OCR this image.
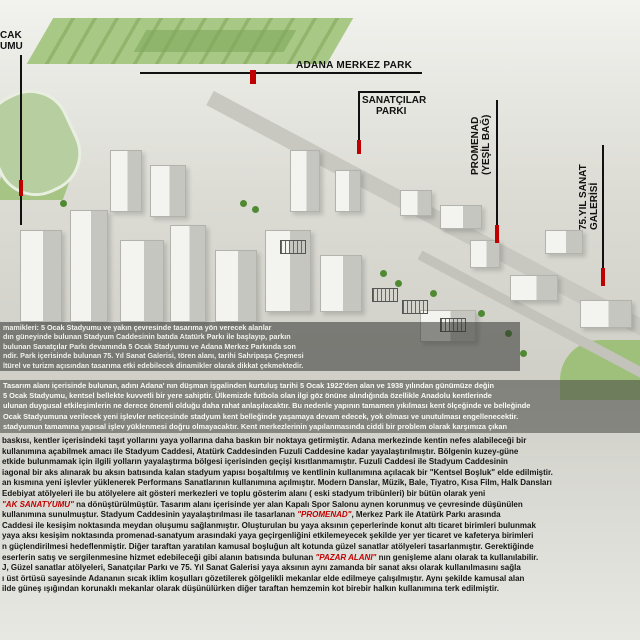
ADANA MERKEZ PARK
SANATÇILAR
PARKI
PROMENAD
(YEŞİL BAĞ)
75.YIL SANAT
GALERİSİ
CAK
UMU

mamikleri: 5 Ocak Stadyumu ve yakın çevresinde tasarıma yön verecek alanlar

dın güneyinde bulunan Stadyum Caddesinin batıda Atatürk Parkı ile başlayıp, parkın

bulunan Sanatçılar Parkı devamında 5 Ocak Stadyumu ve Adana Merkez Parkında son

ndir. Park içerisinde bulunan 75. Yıl Sanat Galerisi, tören alanı, tarihi Sahripaşa Çeşmesi

ltürel ve turizm açısından tasarıma etki edebilecek dinamikler olarak dikkat çekmektedir.

Tasarım alanı içerisinde bulunan, adını Adana' nın düşman işgalinden kurtuluş tarihi 5 Ocak 1922'den alan ve 1938 yılından günümüze değin

5 Ocak Stadyumu, kentsel bellekte kuvvetli bir yere sahiptir. Ülkemizde futbola olan ilgi göz önüne alındığında özellikle Anadolu kentlerinde

ulunan duygusal etkileşimlerin ne derece önemli olduğu daha rahat anlaşılacaktır. Bu nedenle yapının tamamen yıkılması kent ölçeğinde ve belleğinde

Ocak Stadyumuna verilecek yeni işlevler neticesinde stadyum kent belleğinde yaşamaya devam edecek, yok olması ve unutulması engellenecektir.

stadyumun tamamına yapısal işlev yüklenmesi doğru olmayacaktır. Kent merkezlerinin yapılanmasında ciddi bir problem olarak karşımıza çıkan

baskısı, kentler içerisindeki taşıt yollarını yaya yollarına daha baskın bir noktaya getirmiştir. Adana merkezinde kentin nefes alabileceği bir

kullanımına açabilmek amacı ile Stadyum Caddesi, Atatürk Caddesinden Fuzuli Caddesine kadar yayalaştırılmıştır. Bölgenin kuzey-güne

etkide bulunmamak için ilgili yolların yayalaştırma bölgesi içerisinden geçişi kısıtlanmamıştır. Fuzuli Caddesi ile Stadyum Caddesinin

iagonal bir aks alınarak bu aksın batısında kalan stadyum yapısı boşaltılmış ve kentlinin kullanımına açılacak bir "Kentsel Boşluk" elde edilmiştir.

an kısmına yeni işlevler yüklenerek Performans Sanatlarının kullanımına açılmıştır. Modern Danslar, Müzik, Bale, Tiyatro, Kısa Film, Halk Dansları

Edebiyat atölyeleri ile bu atölyelere ait gösteri merkezleri ve toplu gösterim alanı ( eski stadyum tribünleri) bir bütün olarak yeni

"AK SANATYUMU" na dönüştürülmüştür. Tasarım alanı içerisinde yer alan Kapalı Spor Salonu aynen korunmuş ve çevresinde düşünülen

kullanımına sunulmuştur. Stadyum Caddesinin yayalaştırılması ile tasarlanan "PROMENAD", Merkez Park ile Atatürk Parkı arasında

Caddesi ile kesişim noktasında meydan oluşumu sağlanmıştır. Oluşturulan bu yaya aksının çeperlerinde konut altı ticaret birimleri bulunmak

yaya aksı kesişim noktasında promenad-sanatyum arasındaki yaya geçirgenliğini etkilemeyecek şekilde yer yer ticaret ve kafeterya birimleri

n güçlendirilmesi hedeflenmiştir. Diğer taraftan yaratılan kamusal boşluğun alt kotunda güzel sanatlar atölyeleri tasarlanmıştır. Gerektiğinde

eserlerin satış ve sergilenmesine hizmet edebileceği gibi alanın batısında bulunan "PAZAR ALANI" nın genişleme alanı olarak ta kullanılabilir.

J, Güzel sanatlar atölyeleri, Sanatçılar Parkı ve 75. Yıl Sanat Galerisi yaya aksının aynı zamanda bir sanat aksı olarak kullanılmasını sağla

ı üst örtüsü sayesinde Adananın sıcak iklim koşulları gözetilerek gölgelikli mekanlar elde edilmeye çalışılmıştır. Aynı şekilde kamusal alan

ilde güneş ışığından korunaklı mekanlar olarak düşünülürken diğer taraftan hemzemin kot birebir halkın kullanımına terk edilmiştir.
